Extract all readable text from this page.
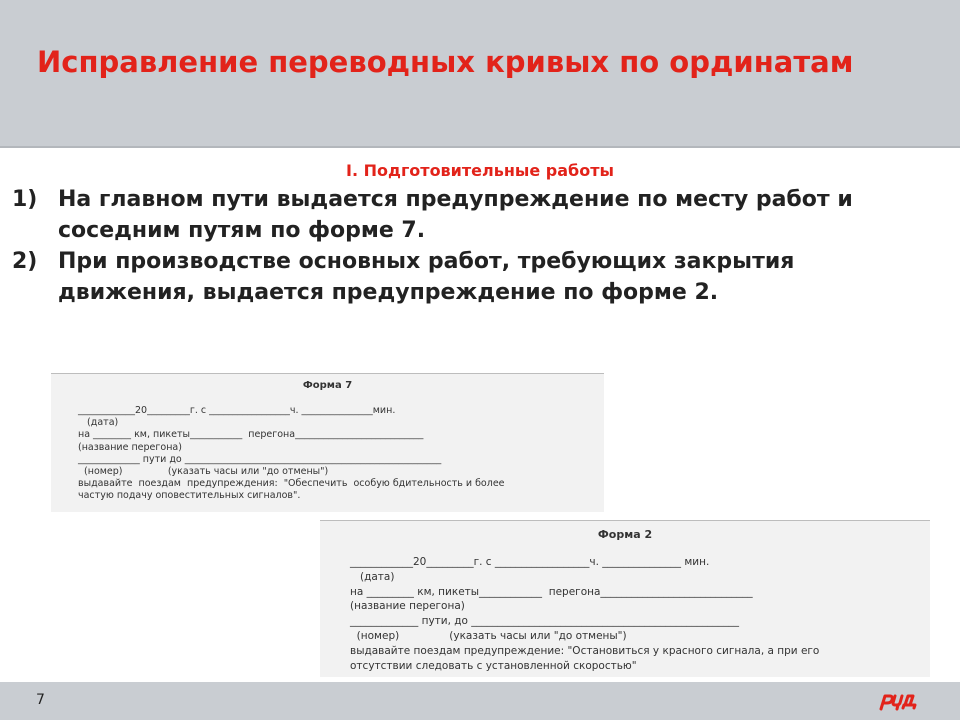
Исправление переводных кривых по ординатам
I. Подготовительные работы
1) На главном пути выдается предупреждение по месту работ и соседним путям по форме 7.
2) При производстве основных работ, требующих закрытия движения, выдается предупреждение по форме 2.
Форма 7
____________20_________г. с _________________ч. _______________мин.
(дата)
на ________ км, пикеты___________  перегона___________________________
(название перегона)
_____________ пути до ______________________________________________________
(номер)               (указать часы или "до отмены")
выдавайте  поездам  предупреждения:  "Обеспечить  особую бдительность и более
частую подачу оповестительных сигналов".
Форма 2
____________20_________г. с __________________ч. _______________ мин.
(дата)
на _________ км, пикеты____________  перегона_____________________________
(название перегона)
_____________ пути, до ___________________________________________________
(номер)               (указать часы или "до отмены")
выдавайте поездам предупреждение: "Остановиться у красного сигнала, а при его
отсутствии следовать с установленной скоростью"
7
